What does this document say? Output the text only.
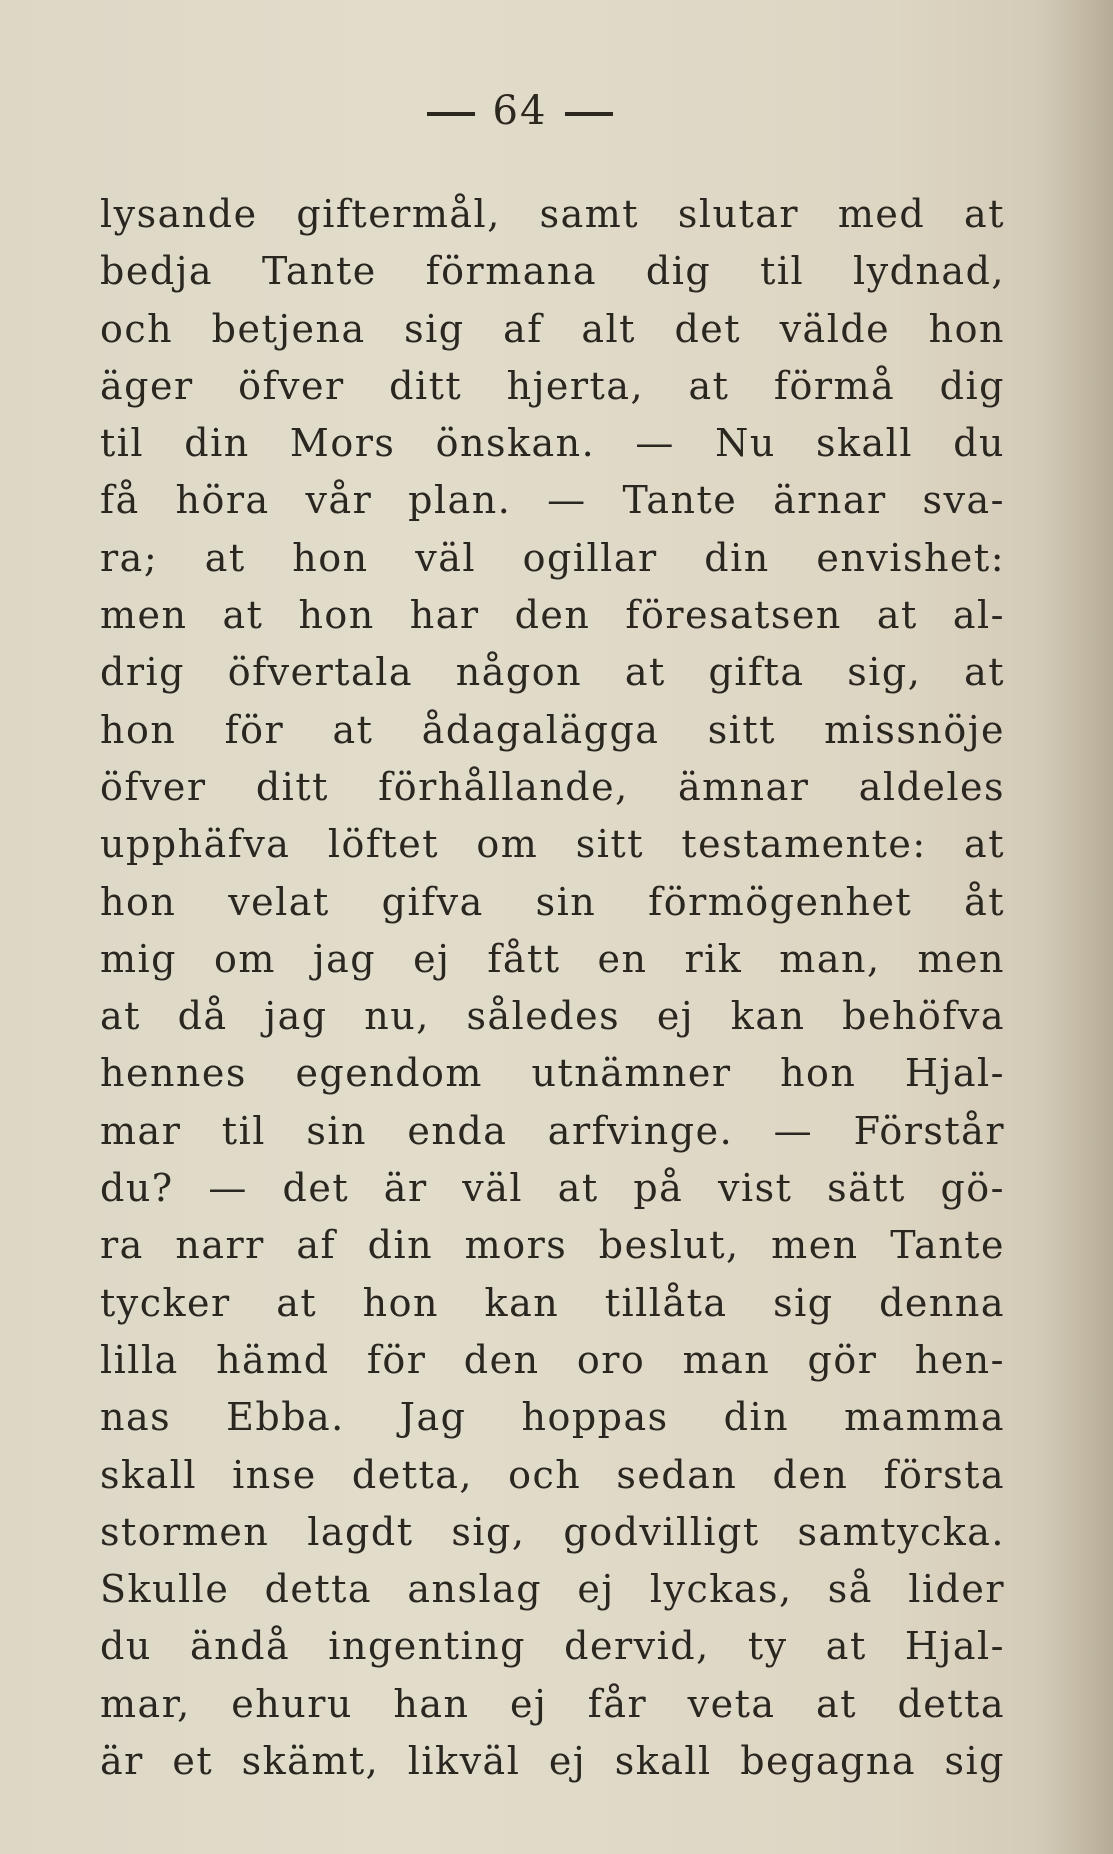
64
lysande giftermål, samt slutar med at
bedja Tante förmana dig til lydnad,
och betjena sig af alt det välde hon
äger öfver ditt hjerta, at förmå dig
til din Mors önskan. — Nu skall du
få höra vår plan. — Tante ärnar sva-
ra; at hon väl ogillar din envishet:
men at hon har den föresatsen at al-
drig öfvertala någon at gifta sig, at
hon för at ådagalägga sitt missnöje
öfver ditt förhållande, ämnar aldeles
upphäfva löftet om sitt testamente: at
hon velat gifva sin förmögenhet åt
mig om jag ej fått en rik man, men
at då jag nu, således ej kan behöfva
hennes egendom utnämner hon Hjal-
mar til sin enda arfvinge. — Förstår
du? — det är väl at på vist sätt gö-
ra narr af din mors beslut, men Tante
tycker at hon kan tillåta sig denna
lilla hämd för den oro man gör hen-
nas Ebba. Jag hoppas din mamma
skall inse detta, och sedan den första
stormen lagdt sig, godvilligt samtycka.
Skulle detta anslag ej lyckas, så lider
du ändå ingenting dervid, ty at Hjal-
mar, ehuru han ej får veta at detta
är et skämt, likväl ej skall begagna sig
